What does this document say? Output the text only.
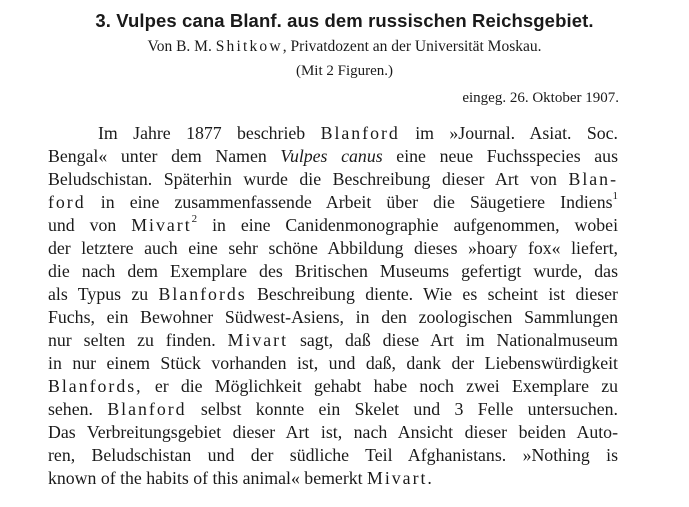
3. Vulpes cana Blanf. aus dem russischen Reichsgebiet.
Von B. M. Shitkow, Privatdozent an der Universität Moskau.
(Mit 2 Figuren.)
eingeg. 26. Oktober 1907.
Im Jahre 1877 beschrieb Blanford im »Journal. Asiat. Soc.
Bengal« unter dem Namen Vulpes canus eine neue Fuchsspecies aus
Beludschistan. Späterhin wurde die Beschreibung dieser Art von Blan-
ford in eine zusammenfassende Arbeit über die Säugetiere Indiens$^1$
und von Mivart$^2$ in eine Canidenmonographie aufgenommen, wobei
der letztere auch eine sehr schöne Abbildung dieses »hoary fox« liefert,
die nach dem Exemplare des Britischen Museums gefertigt wurde, das
als Typus zu Blanfords Beschreibung diente. Wie es scheint ist dieser
Fuchs, ein Bewohner Südwest-Asiens, in den zoologischen Sammlungen
nur selten zu finden. Mivart sagt, daß diese Art im Nationalmuseum
in nur einem Stück vorhanden ist, und daß, dank der Liebenswürdigkeit
Blanfords, er die Möglichkeit gehabt habe noch zwei Exemplare zu
sehen. Blanford selbst konnte ein Skelet und 3 Felle untersuchen.
Das Verbreitungsgebiet dieser Art ist, nach Ansicht dieser beiden Auto-
ren, Beludschistan und der südliche Teil Afghanistans. »Nothing is
known of the habits of this animal« bemerkt Mivart.
